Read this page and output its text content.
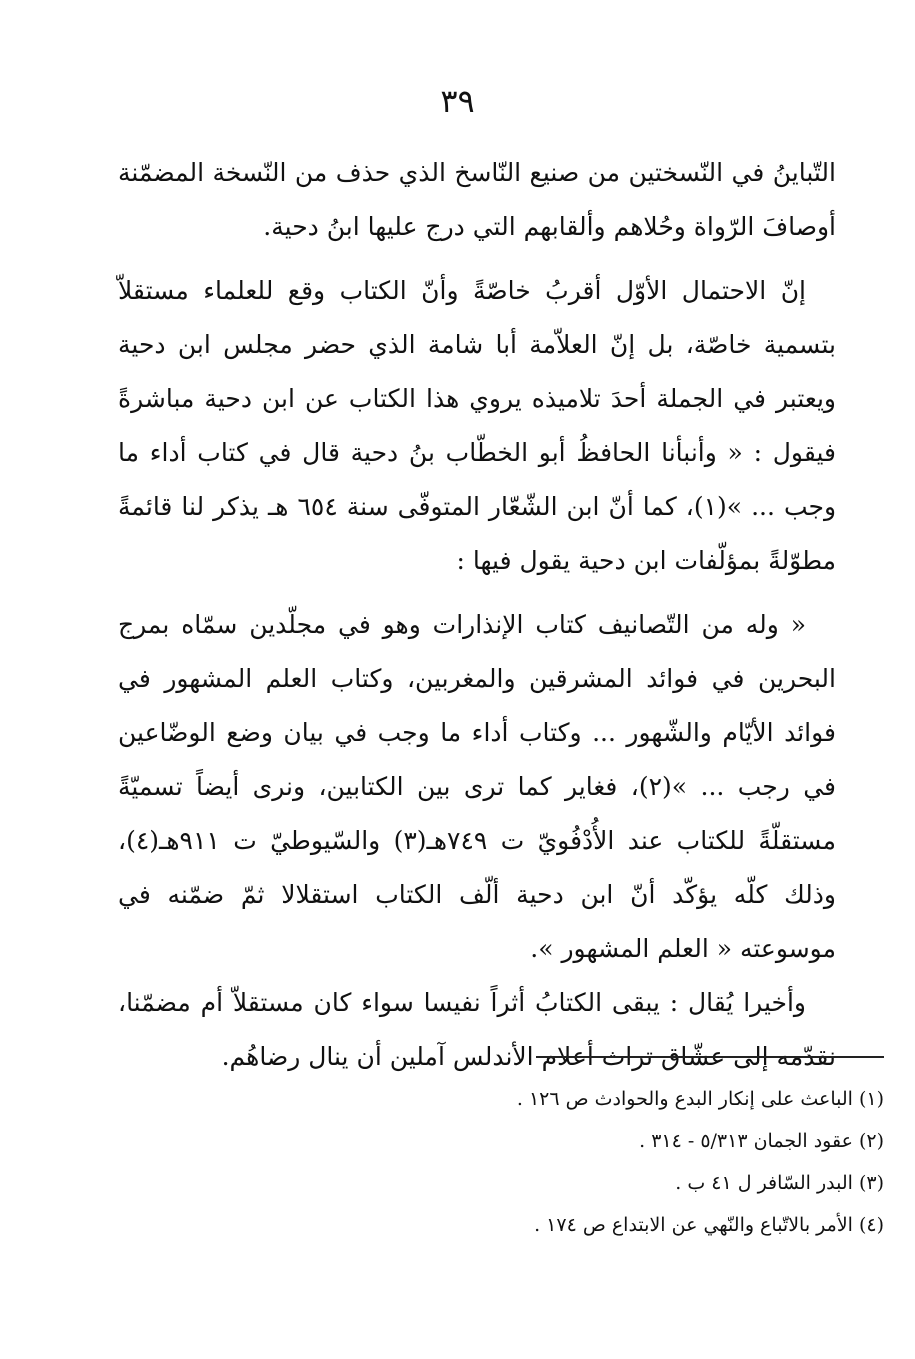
٣٩

التّباينُ في النّسختين من صنيع النّاسخ الذي حذف من النّسخة المضمّنة أوصافَ الرّواة وحُلاهم وألقابهم التي درج عليها ابنُ دحية.

إنّ الاحتمال الأوّل أقربُ خاصّةً وأنّ الكتاب وقع للعلماء مستقلاّ بتسمية خاصّة، بل إنّ العلاّمة أبا شامة الذي حضر مجلس ابن دحية ويعتبر في الجملة أحدَ تلاميذه يروي هذا الكتاب عن ابن دحية مباشرةً فيقول : « وأنبأنا الحافظُ أبو الخطّاب بنُ دحية قال في كتاب أداء ما وجب ... »(١)، كما أنّ ابن الشّعّار المتوفّى سنة ٦٥٤ هـ يذكر لنا قائمةً مطوّلةً بمؤلّفات ابن دحية يقول فيها :

« وله من التّصانيف كتاب الإنذارات وهو في مجلّدين سمّاه بمرج البحرين في فوائد المشرقين والمغربين، وكتاب العلم المشهور في فوائد الأيّام والشّهور ... وكتاب أداء ما وجب في بيان وضع الوضّاعين في رجب ... »(٢)، فغاير كما ترى بين الكتابين، ونرى أيضاً تسميّةً مستقلّةً للكتاب عند الأُدْفُويّ ت ٧٤٩هـ(٣) والسّيوطيّ ت ٩١١هـ(٤)، وذلك كلّه يؤكّد أنّ ابن دحية ألّف الكتاب استقلالا ثمّ ضمّنه في موسوعته « العلم المشهور ».

وأخيرا يُقال : يبقى الكتابُ أثراً نفيسا سواء كان مستقلاّ أم مضمّنا، نقدّمه إلى عشّاق تراث أعلام الأندلس آملين أن ينال رضاهُم.

(١)الباعث على إنكار البدع والحوادث ص ١٢٦ .
(٢)عقود الجمان ٥/٣١٣ - ٣١٤ .
(٣)البدر السّافر ل ٤١ ب .
(٤)الأمر بالاتّباع والنّهي عن الابتداع ص ١٧٤ .
